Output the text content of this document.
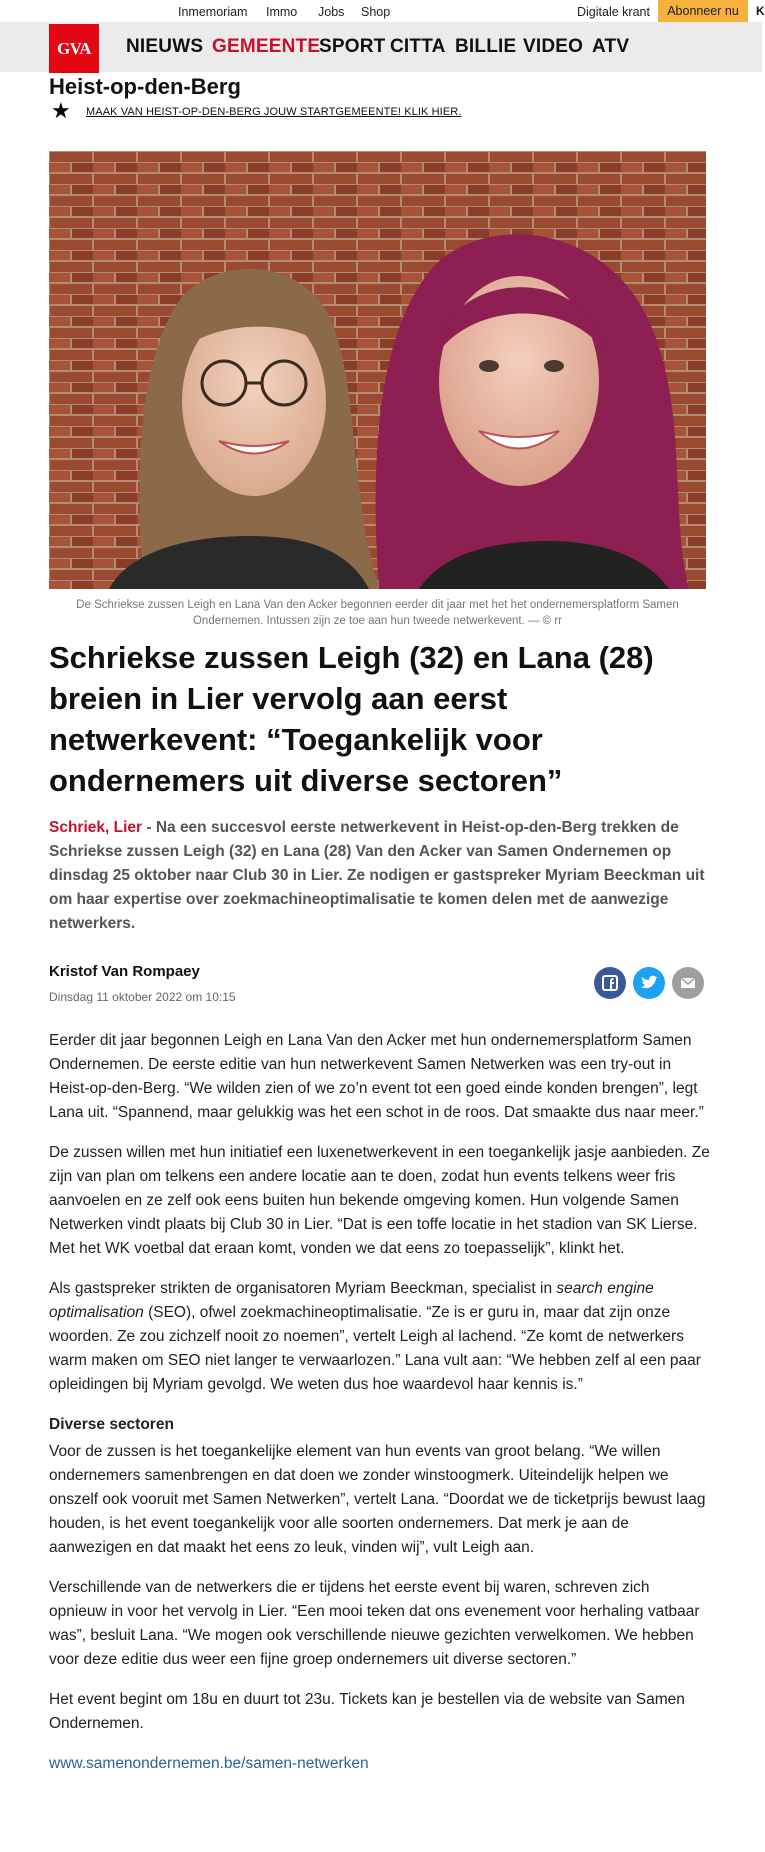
Inmemoriam Immo Jobs Shop	Digitale krant	Abonneer nu	K
GVA	NIEUWS GEMEENTE
SPORT CITTA BILLIE VIDEO ATV
Heist-op-den-Berg
★ MAAK VAN HEIST-OP-DEN-BERG JOUW STARTGEMEENTE! KLIK HIER.
De Schriekse zussen Leigh en Lana Van den Acker begonnen eerder dit jaar met het het ondernemersplatform Samen Ondernemen. Intussen zijn ze toe aan hun tweede netwerkevent. — © rr
Schriekse zussen Leigh (32) en Lana (28) breien in Lier vervolg aan eerst netwerkevent: “Toegankelijk voor ondernemers uit diverse sectoren”

Schriek, Lier - Na een succesvol eerste netwerkevent in Heist-op-den-Berg trekken de Schriekse zussen Leigh (32) en Lana (28) Van den Acker van Samen Ondernemen op dinsdag 25 oktober naar Club 30 in Lier. Ze nodigen er gastspreker Myriam Beeckman uit om haar expertise over zoekmachineoptimalisatie te komen delen met de aanwezige netwerkers.

Kristof Van Rompaey
Dinsdag 11 oktober 2022 om 10:15

Eerder dit jaar begonnen Leigh en Lana Van den Acker met hun ondernemersplatform Samen Ondernemen. De eerste editie van hun netwerkevent Samen Netwerken was een try-out in Heist-op-den-Berg. “We wilden zien of we zo’n event tot een goed einde konden brengen”, legt Lana uit. “Spannend, maar gelukkig was het een schot in de roos. Dat smaakte dus naar meer.”

De zussen willen met hun initiatief een luxenetwerkevent in een toegankelijk jasje aanbieden. Ze zijn van plan om telkens een andere locatie aan te doen, zodat hun events telkens weer fris aanvoelen en ze zelf ook eens buiten hun bekende omgeving komen. Hun volgende Samen Netwerken vindt plaats bij Club 30 in Lier. “Dat is een toffe locatie in het stadion van SK Lierse. Met het WK voetbal dat eraan komt, vonden we dat eens zo toepasselijk”, klinkt het.

Als gastspreker strikten de organisatoren Myriam Beeckman, specialist in search engine optimalisation (SEO), ofwel zoekmachineoptimalisatie. “Ze is er guru in, maar dat zijn onze woorden. Ze zou zichzelf nooit zo noemen”, vertelt Leigh al lachend. “Ze komt de netwerkers warm maken om SEO niet langer te verwaarlozen.” Lana vult aan: “We hebben zelf al een paar opleidingen bij Myriam gevolgd. We weten dus hoe waardevol haar kennis is.”

Diverse sectoren

Voor de zussen is het toegankelijke element van hun events van groot belang. “We willen ondernemers samenbrengen en dat doen we zonder winstoogmerk. Uiteindelijk helpen we onszelf ook vooruit met Samen Netwerken”, vertelt Lana. “Doordat we de ticketprijs bewust laag houden, is het event toegankelijk voor alle soorten ondernemers. Dat merk je aan de aanwezigen en dat maakt het eens zo leuk, vinden wij”, vult Leigh aan.

Verschillende van de netwerkers die er tijdens het eerste event bij waren, schreven zich opnieuw in voor het vervolg in Lier. “Een mooi teken dat ons evenement voor herhaling vatbaar was”, besluit Lana. “We mogen ook verschillende nieuwe gezichten verwelkomen. We hebben voor deze editie dus weer een fijne groep ondernemers uit diverse sectoren.”

Het event begint om 18u en duurt tot 23u. Tickets kan je bestellen via de website van Samen Ondernemen.

www.samenondernemen.be/samen-netwerken
